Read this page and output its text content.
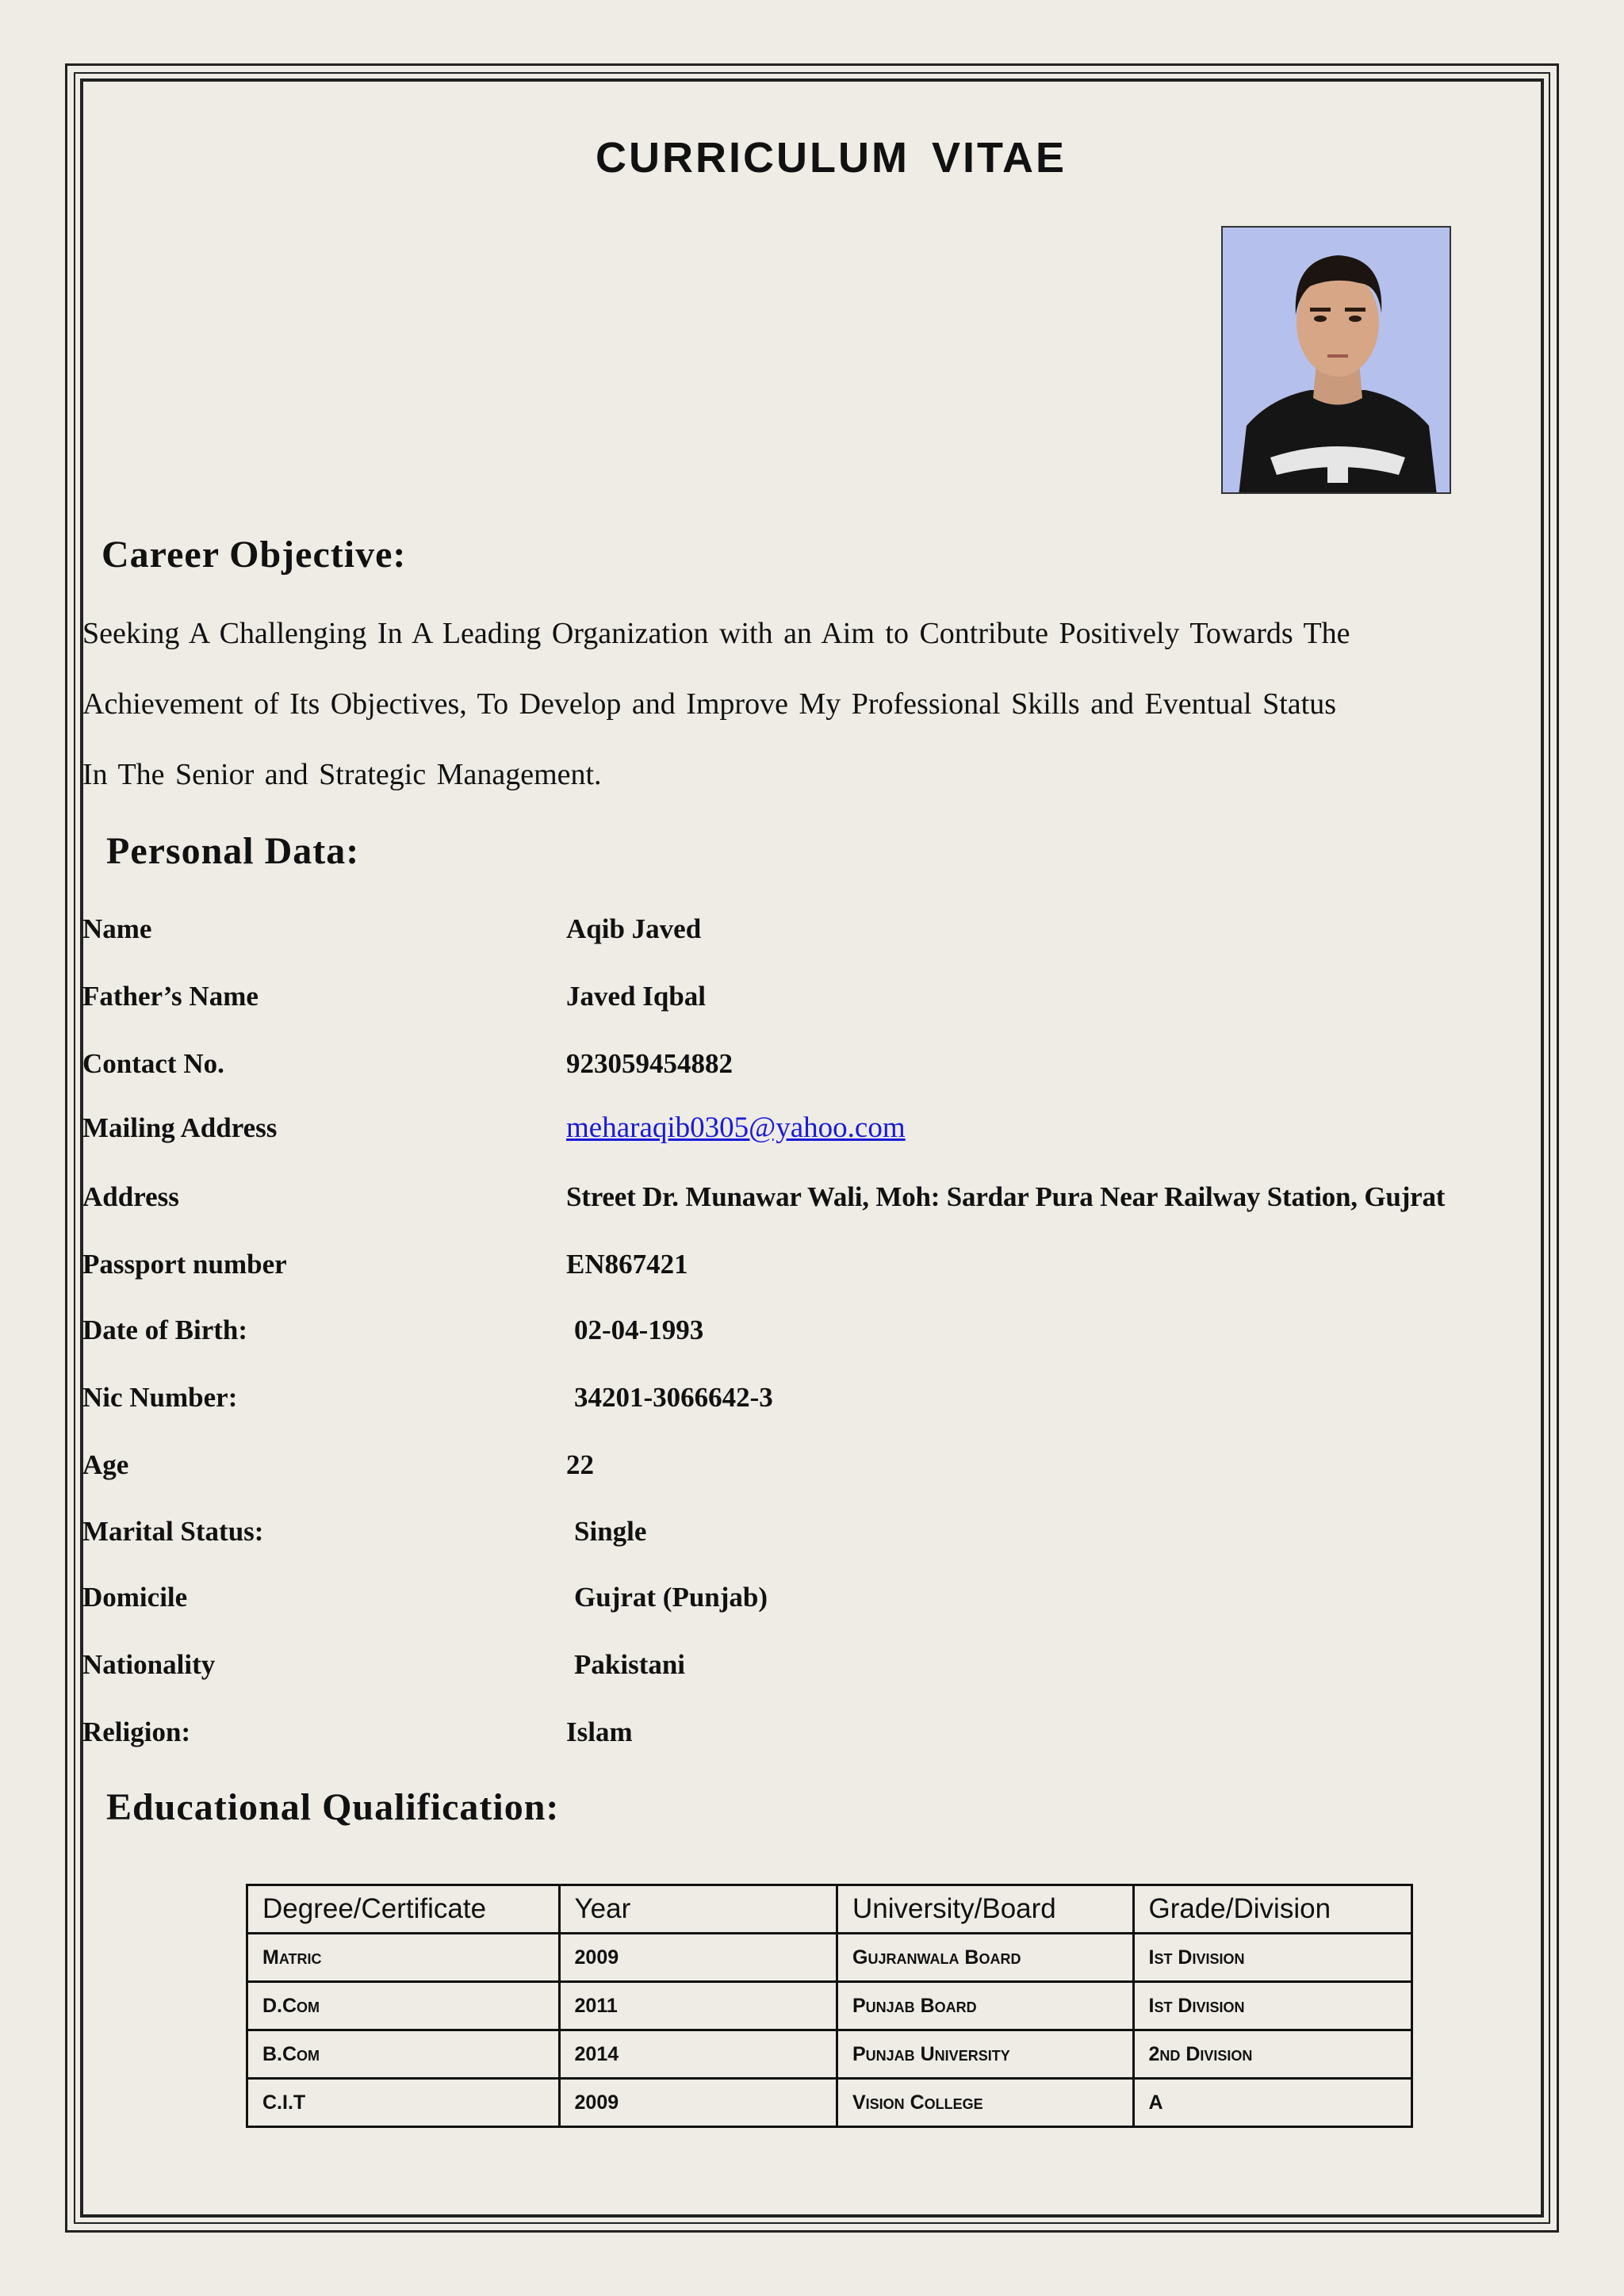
CURRICULUM VITAE
Career Objective:
Seeking A Challenging In A Leading Organization with an Aim to Contribute Positively Towards The
Achievement of Its Objectives, To Develop and Improve My Professional Skills and Eventual Status
In The Senior and Strategic Management.
Personal Data:
Name	Aqib Javed
Father’s Name	Javed Iqbal
Contact No.	923059454882
Mailing Address	meharaqib0305@yahoo.com
Address	Street Dr. Munawar Wali, Moh: Sardar Pura Near Railway Station, Gujrat
Passport number	EN867421
Date of Birth:	02-04-1993
Nic Number:	34201-3066642-3
Age	22
Marital Status:	Single
Domicile	Gujrat (Punjab)
Nationality	Pakistani
Religion:	Islam
Educational Qualification:
Degree/Certificate	Year	University/Board	Grade/Division
Matric	2009	Gujranwala Board	Ist Division
D.Com	2011	Punjab Board	Ist Division
B.Com	2014	Punjab University	2nd Division
C.I.T	2009	Vision College	A
